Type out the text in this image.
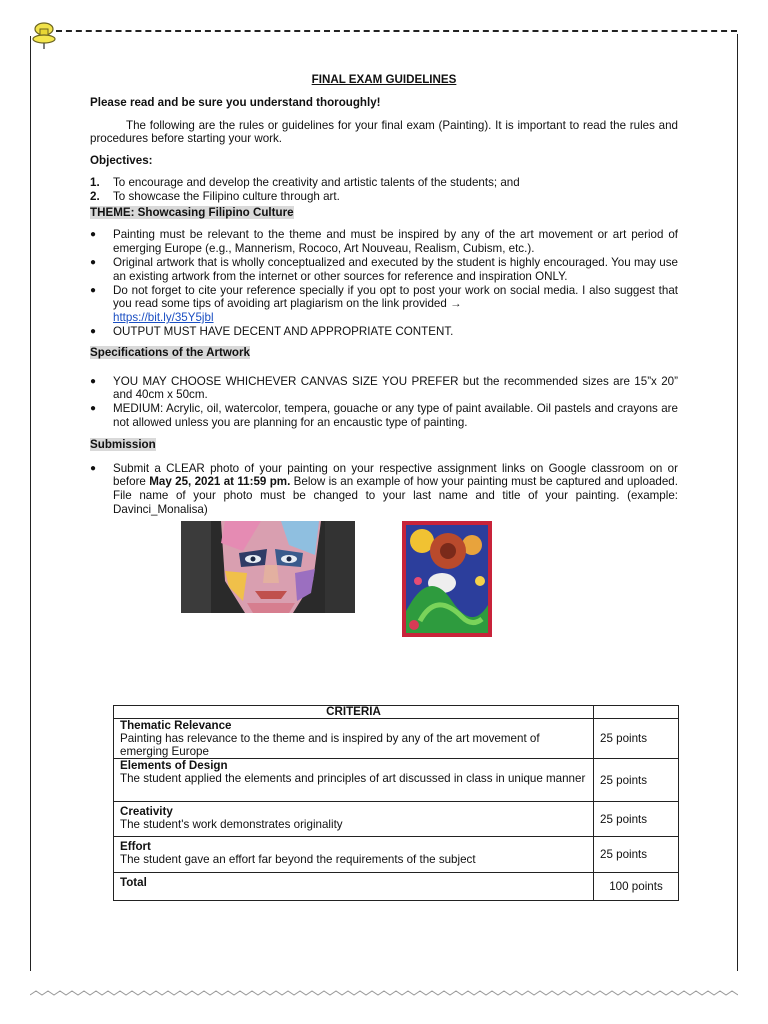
FINAL EXAM GUIDELINES

Please read and be sure you understand thoroughly!

The following are the rules or guidelines for your final exam (Painting). It is important to read the rules and procedures before starting your work.

Objectives:

1. To encourage and develop the creativity and artistic talents of the students; and
2. To showcase the Filipino culture through art.

THEME: Showcasing Filipino Culture

● Painting must be relevant to the theme and must be inspired by any of the art movement or art period of emerging Europe (e.g., Mannerism, Rococo, Art Nouveau, Realism, Cubism, etc.).
● Original artwork that is wholly conceptualized and executed by the student is highly encouraged. You may use an existing artwork from the internet or other sources for reference and inspiration ONLY.
● Do not forget to cite your reference specially if you opt to post your work on social media. I also suggest that you read some tips of avoiding art plagiarism on the link provided →
https://bit.ly/35Y5jbl
● OUTPUT MUST HAVE DECENT AND APPROPRIATE CONTENT.

Specifications of the Artwork

● YOU MAY CHOOSE WHICHEVER CANVAS SIZE YOU PREFER but the recommended sizes are 15”x 20” and 40cm x 50cm.
● MEDIUM: Acrylic, oil, watercolor, tempera, gouache or any type of paint available. Oil pastels and crayons are not allowed unless you are planning for an encaustic type of painting.

Submission

● Submit a CLEAR photo of your painting on your respective assignment links on Google classroom on or before May 25, 2021 at 11:59 pm. Below is an example of how your painting must be captured and uploaded. File name of your photo must be changed to your last name and title of your painting. (example: Davinci_Monalisa)
CRITERIA	
Thematic Relevance
Painting has relevance to the theme and is inspired by any of the art movement of emerging Europe	25 points
Elements of Design
The student applied the elements and principles of art discussed in class in unique manner	25 points
Creativity
The student's work demonstrates originality	25 points
Effort
The student gave an effort far beyond the requirements of the subject	25 points
Total	100 points
